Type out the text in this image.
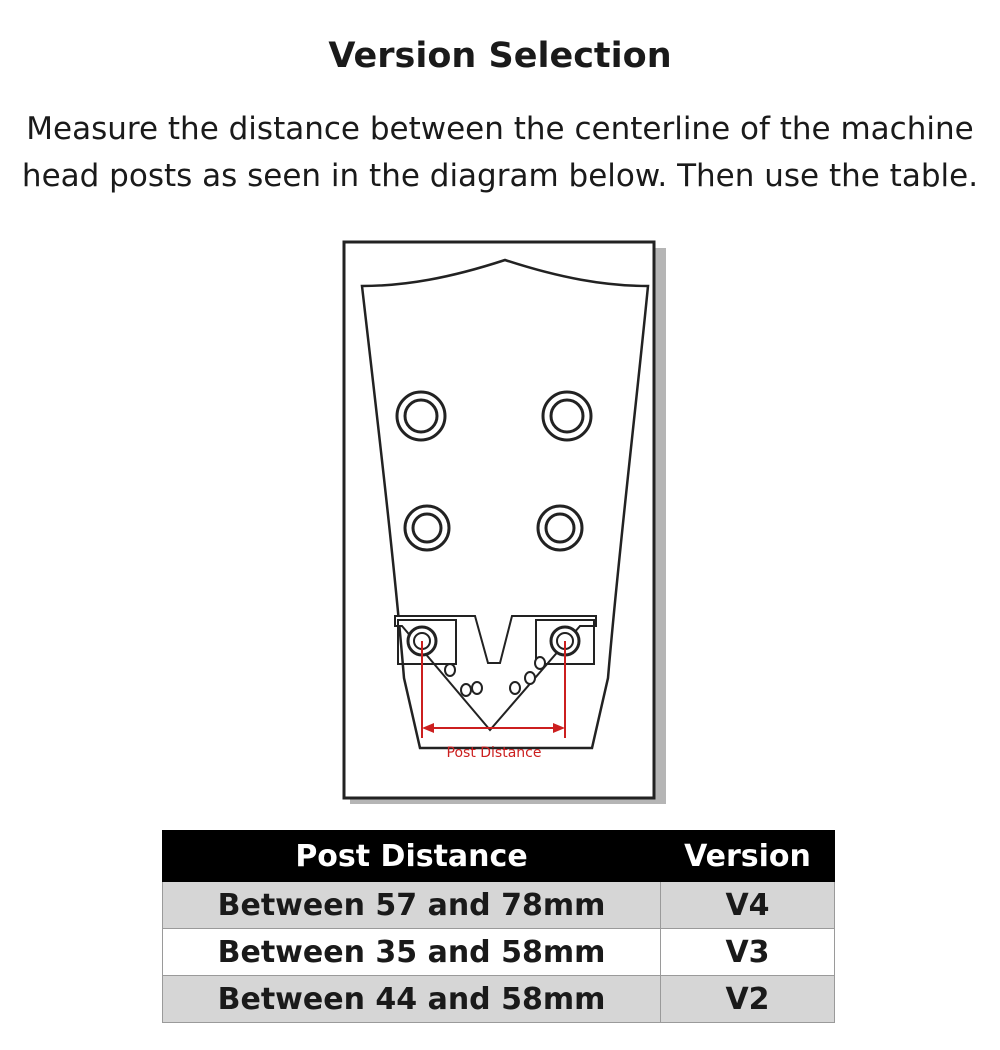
Version Selection
Measure the distance between the centerline of the machine
head posts as seen in the diagram below. Then use the table.
Post Distance
Post Distance	Version
Between 57 and 78mm	V4
Between 35 and 58mm	V3
Between 44 and 58mm	V2
